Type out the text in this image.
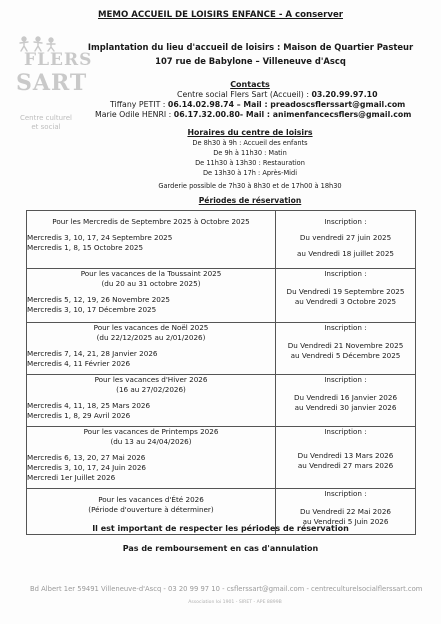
FLERS
SART
Centre culturel
et social
MEMO ACCUEIL DE LOISIRS ENFANCE - A conserver
Implantation du lieu d'accueil de loisirs : Maison de Quartier Pasteur
107 rue de Babylone – Villeneuve d'Ascq
Contacts
Centre social Flers Sart (Accueil) : 03.20.99.97.10
Tiffany PETIT : 06.14.02.98.74 – Mail : preadoscsflerssart@gmail.com
Marie Odile HENRI : 06.17.32.00.80- Mail : animenfancecsflers@gmail.com
Horaires du centre de loisirs
De 8h30 à 9h : Accueil des enfants
De 9h à 11h30 : Matin
De 11h30 à 13h30 : Restauration
De 13h30 à 17h : Après-Midi
Garderie possible de 7h30 à 8h30 et de 17h00 à 18h30
Périodes de réservation
Pour les Mercredis de Septembre 2025 à Octobre 2025
Mercredis 3, 10, 17, 24 Septembre 2025
Mercredis 1, 8, 15 Octobre 2025	Inscription :
Du vendredi 27 juin 2025
au Vendredi 18 juillet 2025

Pour les vacances de la Toussaint 2025
(du 20 au 31 octobre 2025)
Mercredis 5, 12, 19, 26 Novembre 2025
Mercredis 3, 10, 17 Décembre 2025	Inscription :
Du Vendredi 19 Septembre 2025
au Vendredi 3 Octobre 2025

Pour les vacances de Noël 2025
(du 22/12/2025 au 2/01/2026)
Mercredis 7, 14, 21, 28 Janvier 2026
Mercredis 4, 11 Février 2026	Inscription :
Du Vendredi 21 Novembre 2025
au Vendredi 5 Décembre 2025

Pour les vacances d'Hiver 2026
(16 au 27/02/2026)
Mercredis 4, 11, 18, 25 Mars 2026
Mercredis 1, 8, 29 Avril 2026	Inscription :
Du Vendredi 16 Janvier 2026
au Vendredi 30 janvier 2026

Pour les vacances de Printemps 2026
(du 13 au 24/04/2026)
Mercredis 6, 13, 20, 27 Mai 2026
Mercredis 3, 10, 17, 24 Juin 2026
Mercredi 1er Juillet 2026	Inscription :
Du Vendredi 13 Mars 2026
au Vendredi 27 mars 2026

Pour les vacances d'Été 2026
(Période d'ouverture à déterminer)	Inscription :
Du Vendredi 22 Mai 2026
au Vendredi 5 Juin 2026
Il est important de respecter les périodes de réservation
Pas de remboursement en cas d'annulation
Bd Albert 1er 59491 Villeneuve-d'Ascq - 03 20 99 97 10 - csflerssart@gmail.com - centreculturelsocialflerssart.com
Association loi 1901 - SIRET - APE 8899B
